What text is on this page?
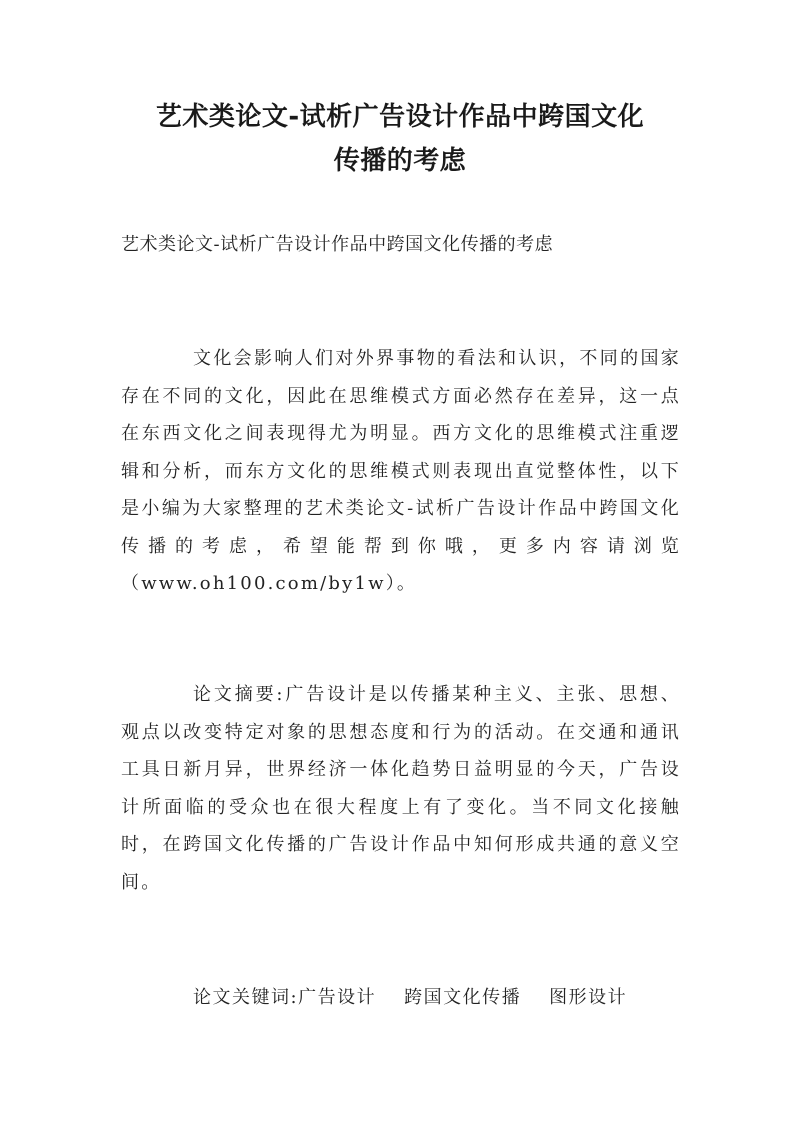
艺术类论文-试析广告设计作品中跨国文化
传播的考虑
艺术类论文-试析广告设计作品中跨国文化传播的考虑
文化会影响人们对外界事物的看法和认识，不同的国家存在不同的文化，因此在思维模式方面必然存在差异，这一点在东西文化之间表现得尤为明显。西方文化的思维模式注重逻辑和分析，而东方文化的思维模式则表现出直觉整体性，以下是小编为大家整理的艺术类论文-试析广告设计作品中跨国文化传播的考虑，希望能帮到你哦，更多内容请浏览（www.oh100.com/by1w）。
论文摘要:广告设计是以传播某种主义、主张、思想、观点以改变特定对象的思想态度和行为的活动。在交通和通讯工具日新月异，世界经济一体化趋势日益明显的今天，广告设计所面临的受众也在很大程度上有了变化。当不同文化接触时，在跨国文化传播的广告设计作品中知何形成共通的意义空间。
论文关键词:广告设计 跨国文化传播 图形设计
